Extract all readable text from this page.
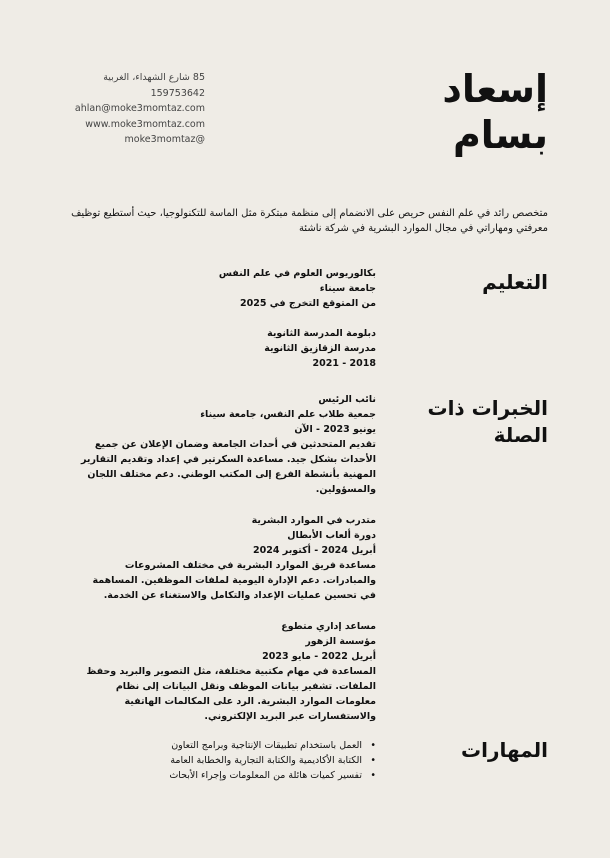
إسعاد
بسام
85 شارع الشهداء، الغربية
159753642
ahlan@moke3momtaz.com
www.moke3momtaz.com
moke3momtaz@
متخصص رائد في علم النفس حريص على الانضمام إلى منظمة مبتكرة مثل الماسة للتكنولوجيا، حيث أستطيع توظيف معرفتي ومهاراتي في مجال الموارد البشرية في شركة ناشئة
التعليم
بكالوريوس العلوم في علم النفس
جامعة سيناء
من المتوقع التخرج في 2025
دبلومة المدرسة الثانوية
مدرسة الزقازيق الثانوية
2018 - 2021
الخبرات ذات الصلة
نائب الرئيس
جمعية طلاب علم النفس، جامعة سيناء
يونيو 2023 - الآن
تقديم المتحدثين في أحداث الجامعة وضمان الإعلان عن جميع الأحداث بشكل جيد. مساعدة السكرتير في إعداد وتقديم التقارير المهنية بأنشطة الفرع إلى المكتب الوطني. دعم مختلف اللجان والمسؤولين.
متدرب في الموارد البشرية
دورة ألعاب الأبطال
أبريل 2024 - أكتوبر 2024
مساعدة فريق الموارد البشرية في مختلف المشروعات والمبادرات. دعم الإدارة اليومية لملفات الموظفين. المساهمة في تحسين عمليات الإعداد والتكامل والاستغناء عن الخدمة.
مساعد إداري متطوع
مؤسسة الزهور
أبريل 2022 - مايو 2023
المساعدة في مهام مكتبية مختلفة، مثل التصوير والبريد وحفظ الملفات. تشفير بيانات الموظف ونقل البيانات إلى نظام معلومات الموارد البشرية. الرد على المكالمات الهاتفية والاستفسارات عبر البريد الإلكتروني.
المهارات
• العمل باستخدام تطبيقات الإنتاجية وبرامج التعاون
• الكتابة الأكاديمية والكتابة التجارية والخطابة العامة
• تفسير كميات هائلة من المعلومات وإجراء الأبحاث
